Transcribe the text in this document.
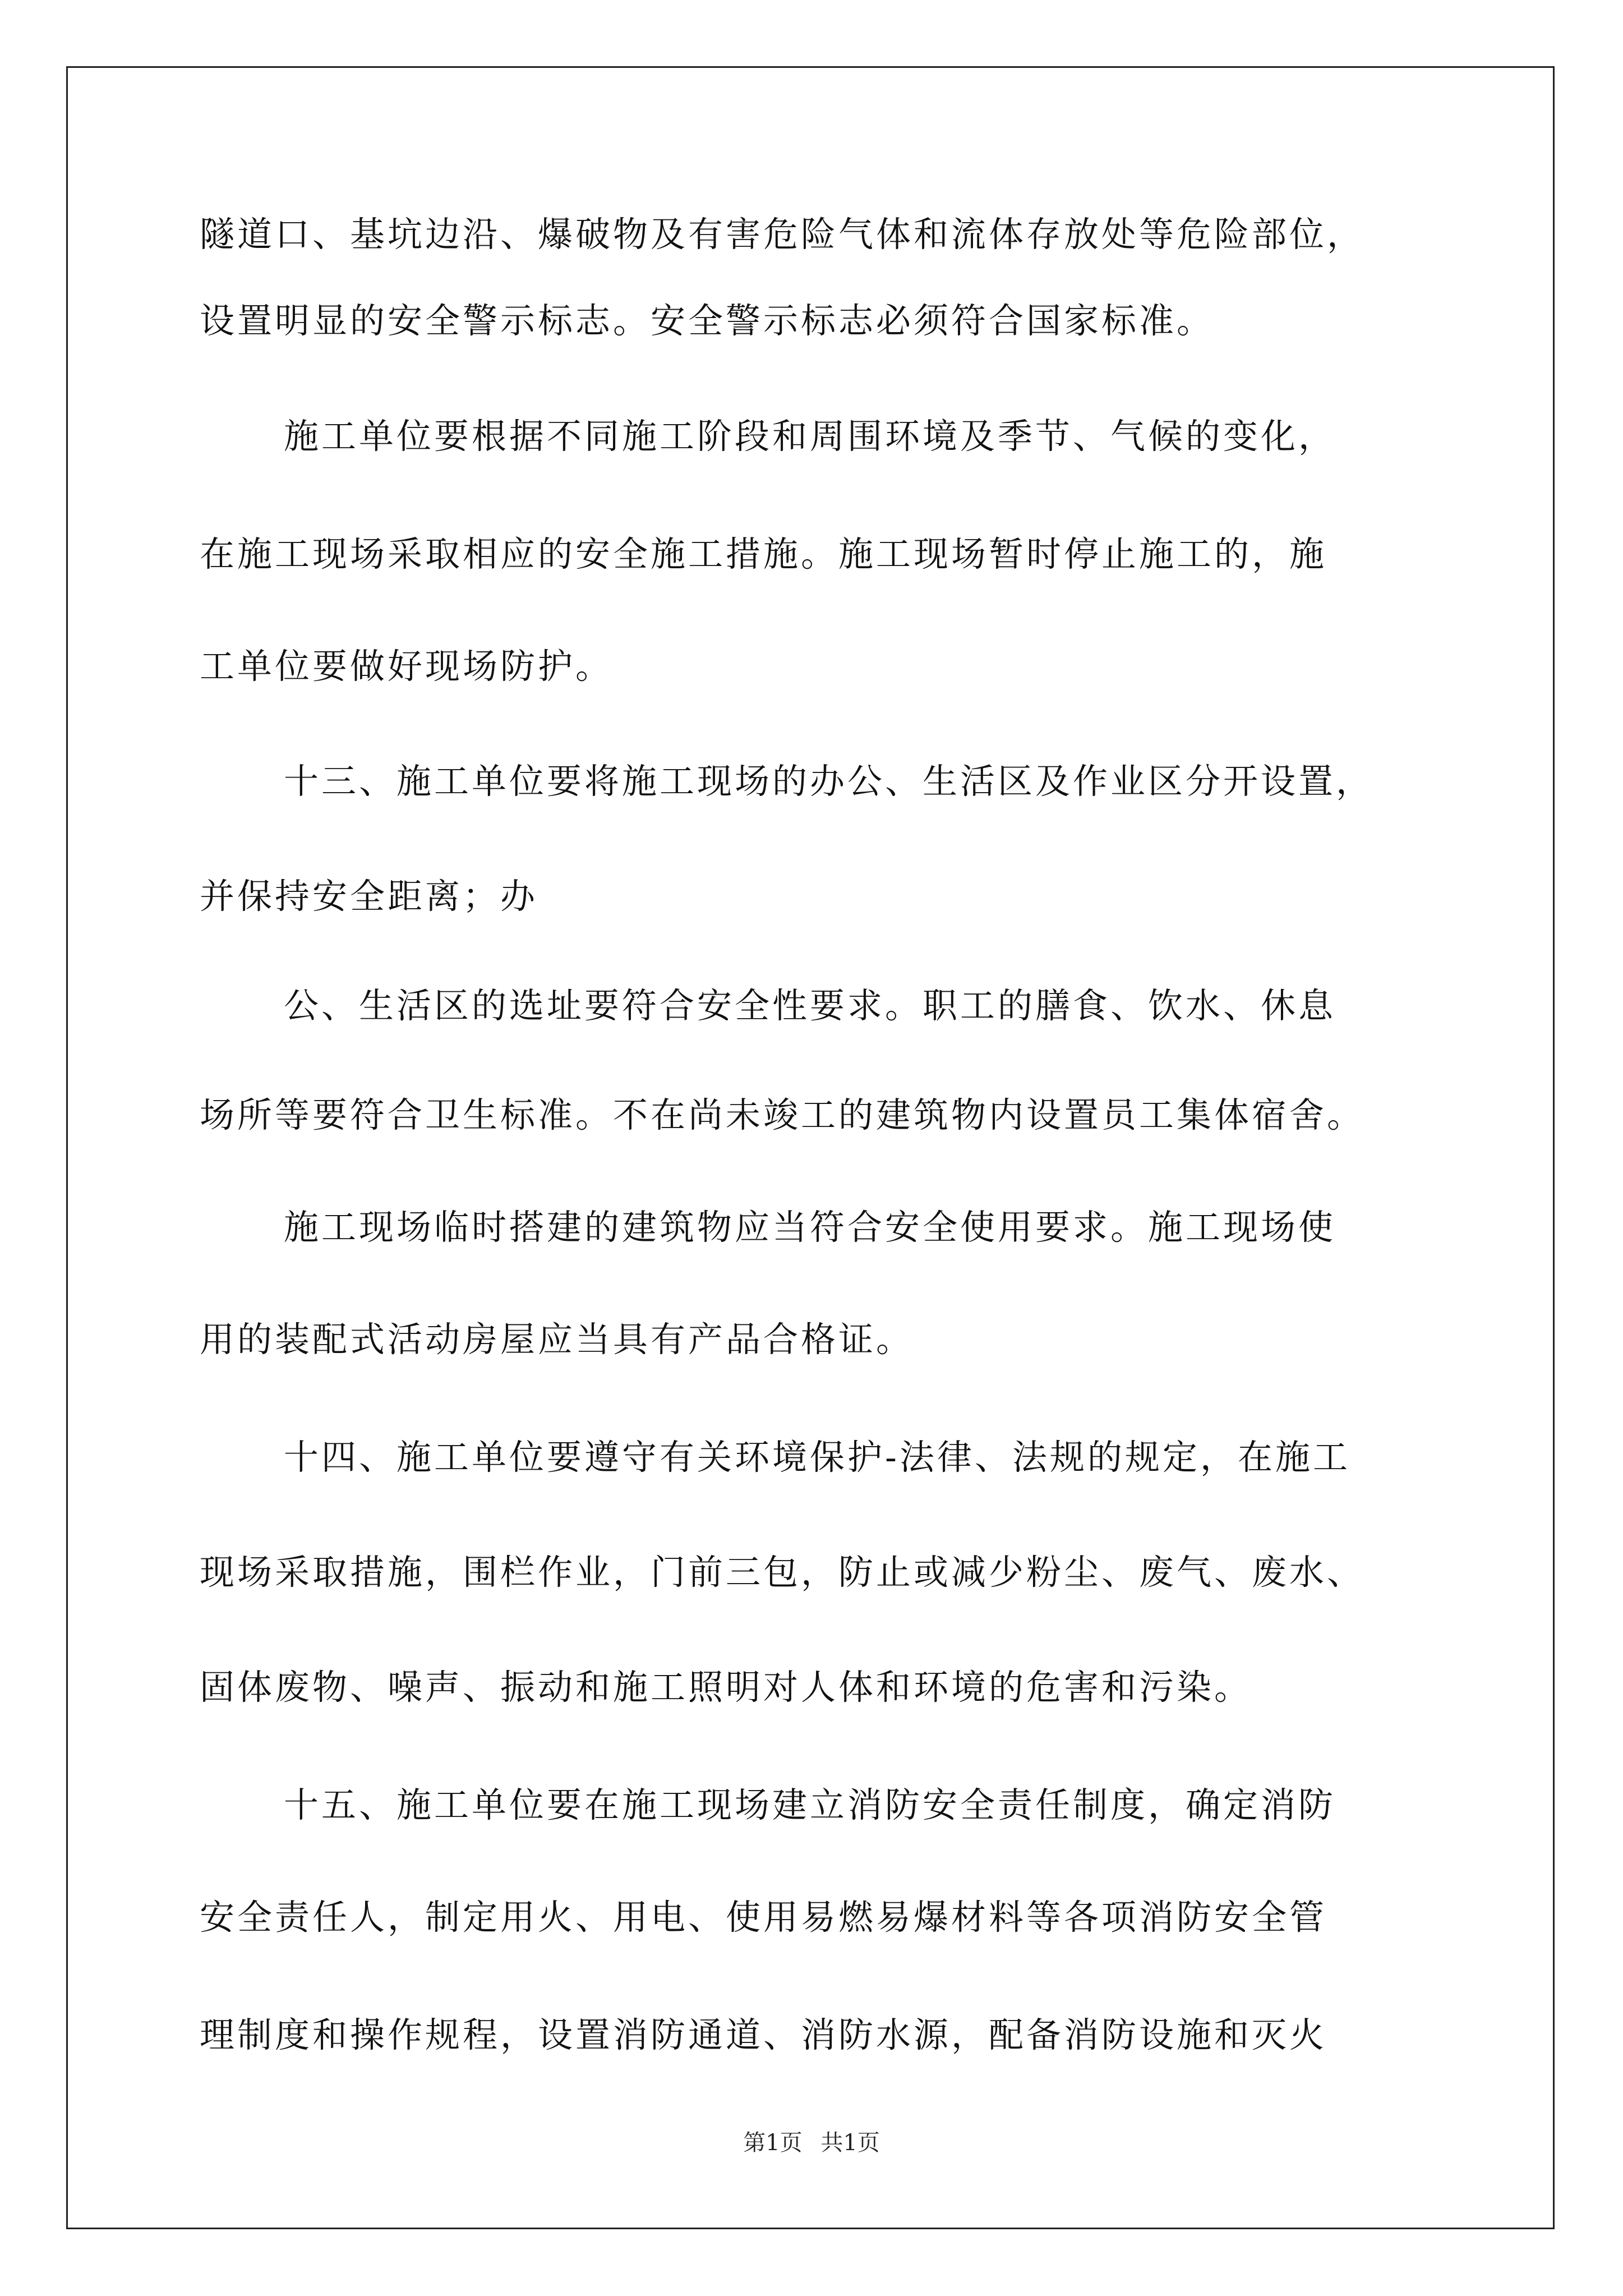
隧道口、基坑边沿、爆破物及有害危险气体和流体存放处等危险部位，
设置明显的安全警示标志。安全警示标志必须符合国家标准。
施工单位要根据不同施工阶段和周围环境及季节、气候的变化，
在施工现场采取相应的安全施工措施。施工现场暂时停止施工的，施
工单位要做好现场防护。
十三、施工单位要将施工现场的办公、生活区及作业区分开设置，
并保持安全距离；办
公、生活区的选址要符合安全性要求。职工的膳食、饮水、休息
场所等要符合卫生标准。不在尚未竣工的建筑物内设置员工集体宿舍。
施工现场临时搭建的建筑物应当符合安全使用要求。施工现场使
用的装配式活动房屋应当具有产品合格证。
十四、施工单位要遵守有关环境保护-法律、法规的规定，在施工
现场采取措施，围栏作业，门前三包，防止或减少粉尘、废气、废水、
固体废物、噪声、振动和施工照明对人体和环境的危害和污染。
十五、施工单位要在施工现场建立消防安全责任制度，确定消防
安全责任人，制定用火、用电、使用易燃易爆材料等各项消防安全管
理制度和操作规程，设置消防通道、消防水源，配备消防设施和灭火
第1页 共1页
